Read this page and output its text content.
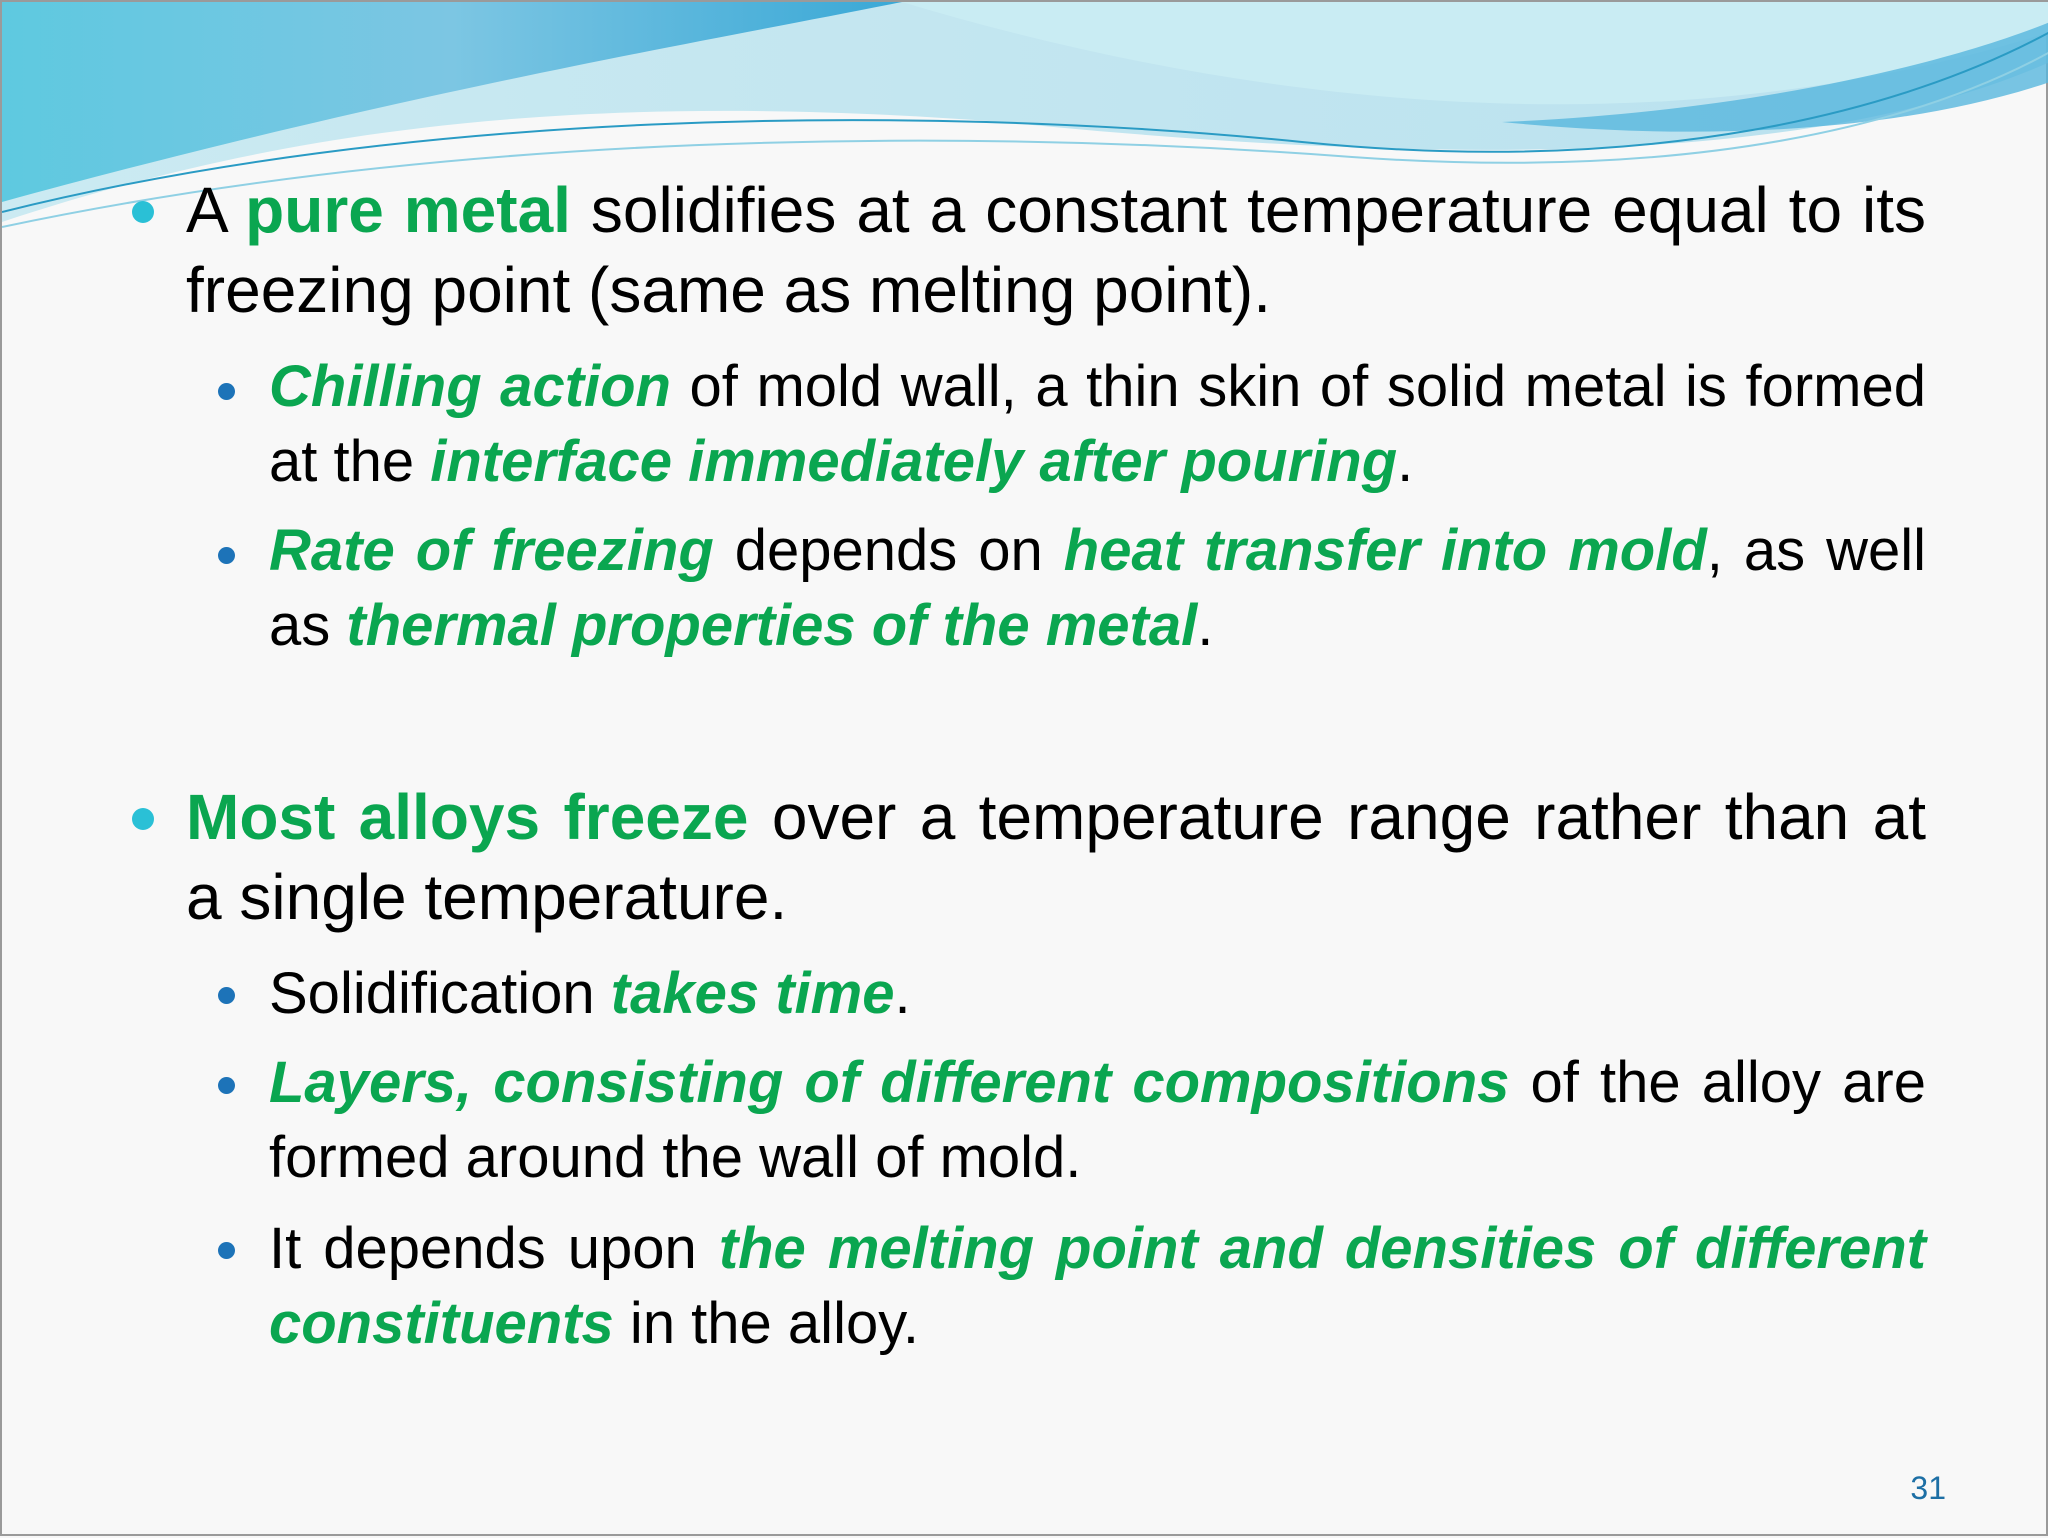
A pure metal solidifies at a constant temperature equal to its freezing point (same as melting point).
Chilling action of mold wall, a thin skin of solid metal is formed at the interface immediately after pouring.
Rate of freezing depends on heat transfer into mold, as well as thermal properties of the metal.
Most alloys freeze over a temperature range rather than at a single temperature.
Solidification takes time.
Layers, consisting of different compositions of the alloy are formed around the wall of mold.
It depends upon the melting point and densities of different constituents in the alloy.
31
